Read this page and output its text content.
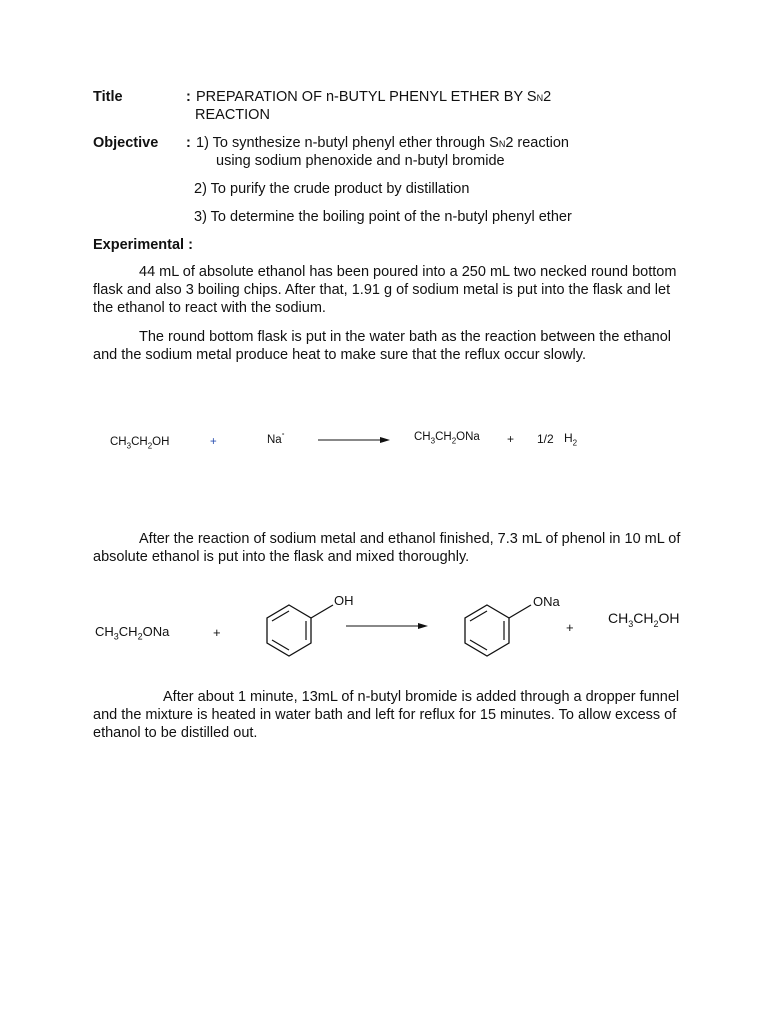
Title	: PREPARATION OF n-BUTYL PHENYL ETHER BY SN2
REACTION
Objective : 1) To synthesize n-butyl phenyl ether through SN2 reaction
using sodium phenoxide and n-butyl bromide
2) To purify the crude product by distillation
3) To determine the boiling point of the n-butyl phenyl ether
Experimental :
44 mL of absolute ethanol has been poured into a 250 mL two necked round bottom flask and also 3 boiling chips. After that, 1.91 g of sodium metal is put into the flask and let the ethanol to react with the sodium.
The round bottom flask is put in the water bath as the reaction between the ethanol and the sodium metal produce heat to make sure that the reflux occur slowly.
$CH_3CH_2OH$	+	Na°	$CH_3CH_2ONa + 1/2$ $H_2$
After the reaction of sodium metal and ethanol finished, 7.3 mL of phenol in 10 mL of absolute ethanol is put into the flask and mixed thoroughly.
$CH_3CH_2ONa$	+
OH	ONa
+
$CH_3CH_2OH$
After about 1 minute, 13mL of n-butyl bromide is added through a dropper funnel and the mixture is heated in water bath and left for reflux for 15 minutes. To allow excess of ethanol to be distilled out.
